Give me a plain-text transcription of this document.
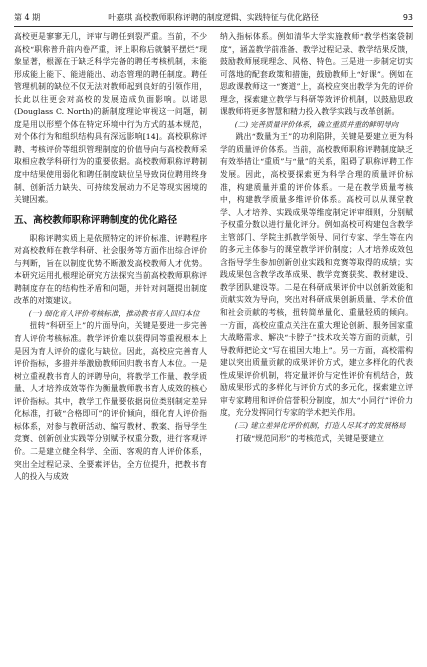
第 4 期	叶嘉琪 高校教师职称评聘的制度逻辑、实践特征与优化路径	93

高校更是寥寥无几，评审与聘任到裂严重。当前，不少高校“职称普升前内卷严重，评上职称后就躺平摆烂”现象显著，根源在于缺乏科学完备的聘任考核机制，未能形成能上能下、能进能出、动态管理的聘任制度。聘任管理机制的缺位不仅无法对教师起到良好的引领作用，长此以往更会对高校的发展造成负面影响。以诺思(Douglass C. North)的新制度理论审视这一问题，制度是用以形塑个体在特定环境中行为方式的基本规范，对个体行为和组织结构具有深远影响[14]。高校职称评聘、考核评价等组织管理制度的价值导向与高校教师采取相应教学科研行为的重要依据。高校教师职称评聘制度中结果使用弱化和聘任制度缺位呈导致岗位聘用终身制、创新活力缺失、可持续发展动力不足等现实困境的关键因素。

五、高校教师职称评聘制度的优化路径

职称评聘实质上是依照特定的评价标准、评聘程序对高校教师在教学科研、社会服务等方面作出综合评价与判断，旨在以制度优势不断激发高校教师人才优势。本研究运用扎根理论研究方法探究当前高校教师职称评聘制度存在的结构性矛盾和问题，并针对问题提出制度改革的对策建议。

(一) 细化育人评价考核标准，推动教书育人回归本位

扭转“科研至上”的片面导向，关键是要进一步完善育人评价考核标准。教学评价难以获得同等重视根本上是因为育人评价的虚化与缺位。因此，高校应完善育人评价指标，多措并举激励教师回归教书育人本位。一是树立重视教书育人的评聘导向，将教学工作量、教学质量、人才培养成效等作为衡量教师教书育人成效的核心评价指标。其中，教学工作量要依据岗位类别制定差异化标准，打破“合格即可”的评价倾向，细化育人评价指标体系，对参与教研活动、编写教材、教案、指导学生竞赛、创新创业实践等分别赋予权重分数，进行客观评价。二是建立健全科学、全面、客观的育人评价体系，突出全过程记录、全要素评估，全方位提升，把教书育人的投入与成效

纳入指标体系。例如清华大学实施教师“教学档案袋制度”，涵盖教学前准备、教学过程记录、教学结果反馈，鼓励教师展现理念、风格、特色。三是进一步制定切实可落地的配套政策和措施，鼓励教师上“好课”。例如在思政课教师这一“赛道”上，高校应突出教学为先的评价理念，探索建立教学与科研等效评价机制，以鼓励思政课教师将更多智慧和精力投入教学实践与改革创新。

(二) 完善质量评价体系，确立重质并重的鲜明导向

跳出“数量为王”的功利陷阱，关键是要建立更为科学的质量评价体系。当前，高校教师职称评聘制度缺乏有效举措让“重质”与“量”的关系，阻碍了职称评聘工作发展。因此，高校要探索更为科学合理的质量评价标准，构建质量并重的评价体系。一是在教学质量考核中，构建教学质量多维评价体系。高校可以从课堂教学、人才培养、实践成果等维度制定评审细则，分别赋予权重分数以进行量化评分。例如高校可构建包含教学主管部门、学院主抓教学领导、同行专家、学生等在内的多元主体参与的课堂教学评价制度；人才培养成效包含指导学生参加创新创业实践和竞赛等取得的成绩；实践成果包含教学改革成果、教学竞赛获奖、教材建设、教学团队建设等。二是在科研成果评价中以创新效能和贡献实效为导向，突出对科研成果创新质量、学术价值和社会贡献的考核，扭转简单量化、重量轻质的倾向。一方面，高校应重点关注在重大理论创新、服务国家重大战略需求、解决“卡脖子”技术攻关等方面的贡献，引导教师把论文“写在祖国大地上”。另一方面，高校需构建以突出质量贡献的成果评价方式，建立多样化的代表性成果评价机制，将定量评价与定性评价有机结合，鼓励成果形式的多样化与评价方式的多元化，探索建立评审专家聘用和评价信誉积分制度，加大“小同行”评价力度，充分发挥同行专家的学术把关作用。

(三) 建立差异化评价机制，打造人尽其才的发展格局

打破“规范同形”的考核范式，关键是要建立
